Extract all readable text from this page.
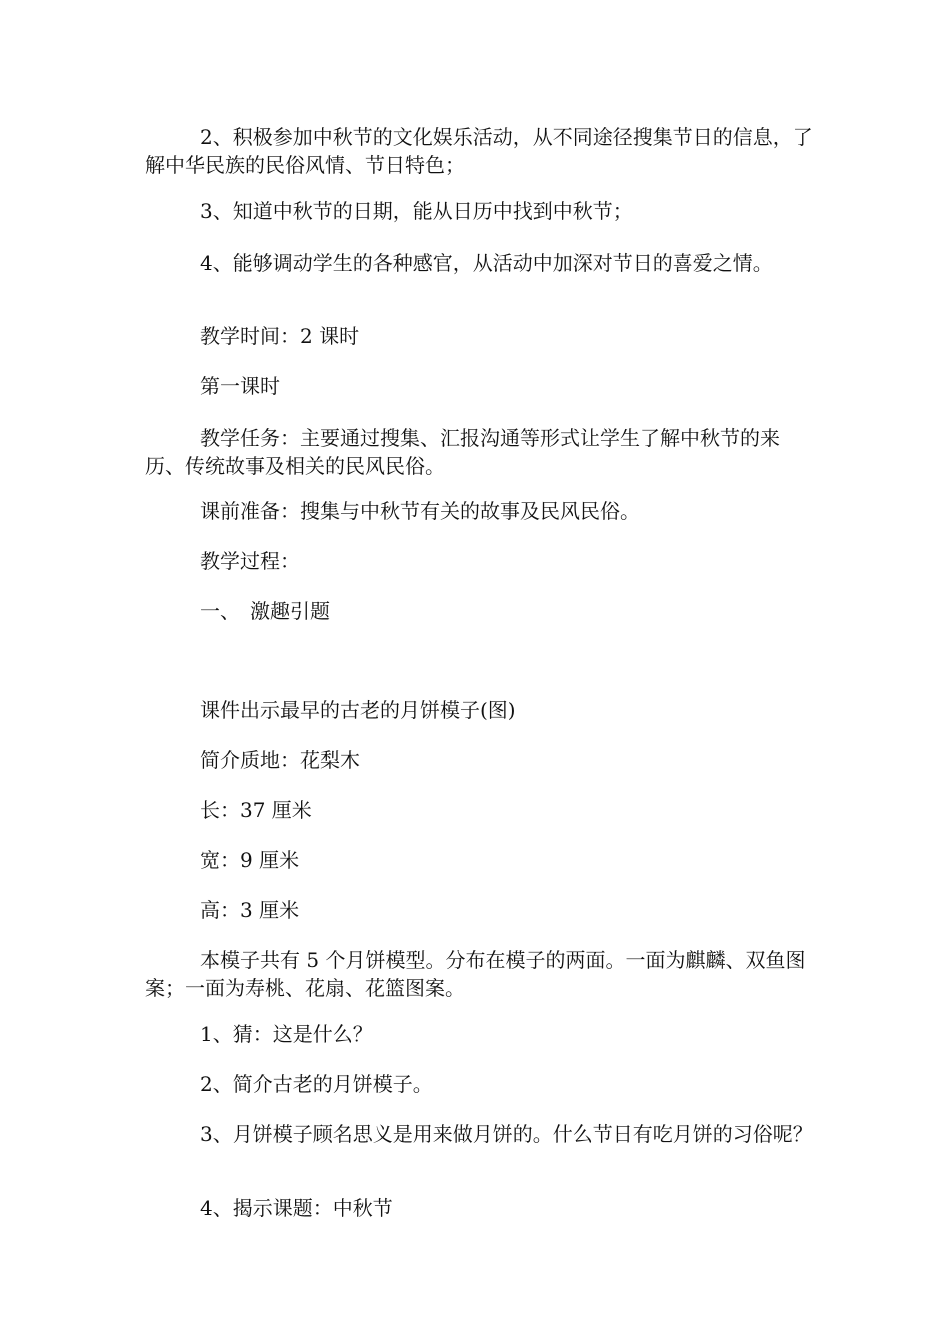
2、积极参加中秋节的文化娱乐活动，从不同途径搜集节日的信息，了解中华民族的民俗风情、节日特色；

3、知道中秋节的日期，能从日历中找到中秋节；

4、能够调动学生的各种感官，从活动中加深对节日的喜爱之情。

教学时间：2 课时

第一课时

教学任务：主要通过搜集、汇报沟通等形式让学生了解中秋节的来历、传统故事及相关的民风民俗。

课前准备：搜集与中秋节有关的故事及民风民俗。

教学过程：

一、　激趣引题

课件出示最早的古老的月饼模子(图)

简介质地：花梨木

长：37 厘米

宽：9 厘米

高：3 厘米

本模子共有 5 个月饼模型。分布在模子的两面。一面为麒麟、双鱼图案；一面为寿桃、花扇、花篮图案。

1、猜：这是什么？

2、简介古老的月饼模子。

3、月饼模子顾名思义是用来做月饼的。什么节日有吃月饼的习俗呢？

4、揭示课题：中秋节
